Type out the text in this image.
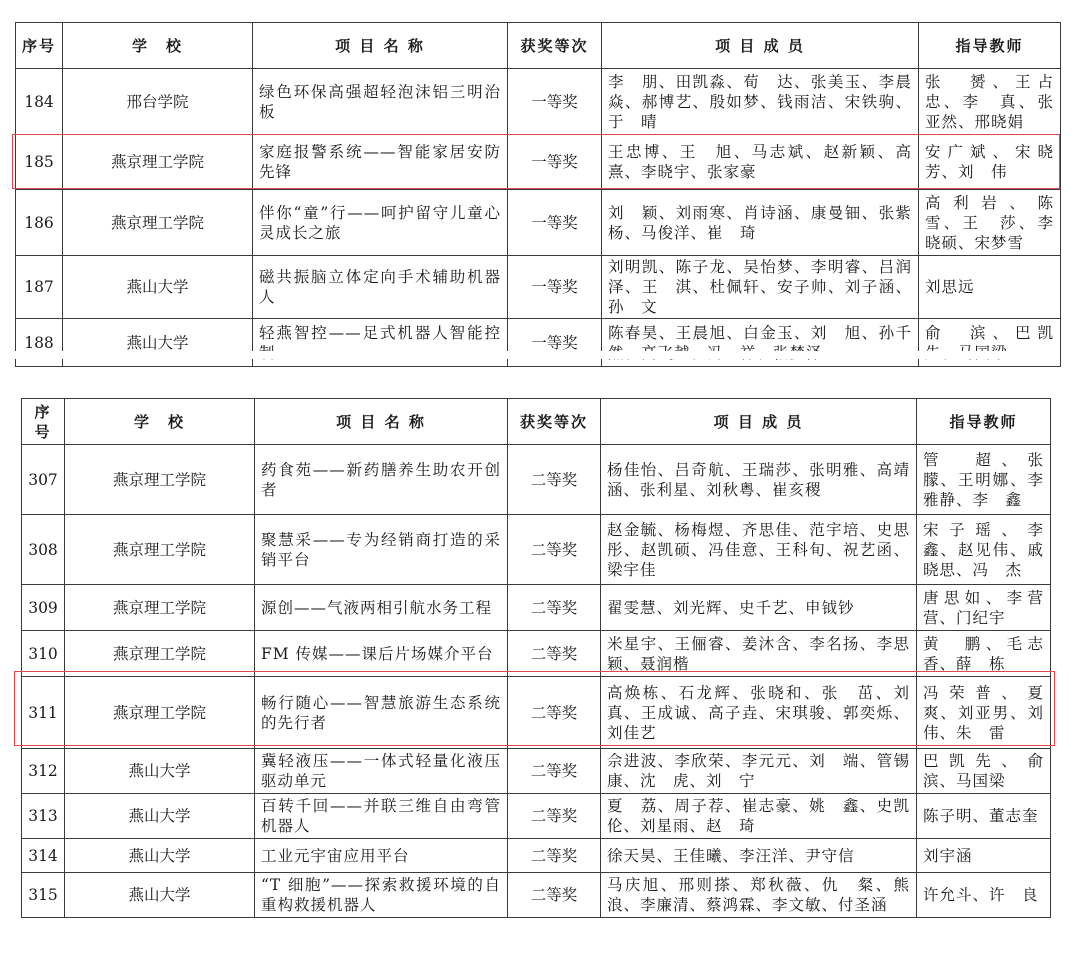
序号	学　校	项 目 名 称	获奖等次	项 目 成 员	指导教师
184	邢台学院	绿色环保高强超轻泡沫铝三明治板	一等奖	李　朋、田凯淼、荀　达、张美玉、李晨焱、郝博艺、殷如梦、钱雨洁、宋铁驹、于　晴	张　赟、王占忠、李　真、张亚然、邢晓娟
185	燕京理工学院	家庭报警系统——智能家居安防先锋	一等奖	王忠博、王　旭、马志斌、赵新颖、高　熹、李晓宇、张家豪	安广斌、宋晓芳、刘　伟
186	燕京理工学院	伴你“童”行——呵护留守儿童心灵成长之旅	一等奖	刘　颖、刘雨寒、肖诗涵、康曼钿、张紫杨、马俊洋、崔　琦	高利岩、陈　雪、王　莎、李晓硕、宋梦雪
187	燕山大学	磁共振脑立体定向手术辅助机器人	一等奖	刘明凯、陈子龙、吴怡梦、李明睿、吕润泽、王　淇、杜佩轩、安子帅、刘子涵、孙　文	刘思远
188	燕山大学	轻燕智控——足式机器人智能控	一等奖	陈春昊、王晨旭、白金玉、刘　旭、孙千　	俞　滨、巴凯
序号	学　校	项 目 名 称	获奖等次	项 目 成 员	指导教师
307	燕京理工学院	药食苑——新药膳养生助农开创者	二等奖	杨佳怡、吕奇航、王瑞莎、张明雅、高靖涵、张利星、刘秋粤、崔亥稷	管　超、张　朦、王明娜、李雅静、李　鑫
308	燕京理工学院	聚慧采——专为经销商打造的采销平台	二等奖	赵金毓、杨梅煜、齐思佳、范宇培、史思彤、赵凯硕、冯佳意、王科旬、祝艺函、梁宇佳	宋子瑶、李　鑫、赵见伟、戚晓思、冯　杰
309	燕京理工学院	源创——气液两相引航水务工程	二等奖	翟雯慧、刘光辉、史千艺、申钺钞	唐思如、李营营、门纪宇
310	燕京理工学院	FM 传媒——课后片场媒介平台	二等奖	米星宇、王俪睿、姜沐含、李名扬、李思颖、聂润楷	黄　鹏、毛志香、薛　栋
311	燕京理工学院	畅行随心——智慧旅游生态系统的先行者	二等奖	高焕栋、石龙辉、张晓和、张　茁、刘　真、王成诚、高子垚、宋琪骏、郭奕烁、刘佳艺	冯荣普、夏　爽、刘亚男、刘　伟、朱　雷
312	燕山大学	冀轻液压——一体式轻量化液压驱动单元	二等奖	佘进波、李欣荣、李元元、刘　端、管锡康、沈　虎、刘　宁	巴凯先、俞　滨、马国梁
313	燕山大学	百转千回——并联三维自由弯管机器人	二等奖	夏　荔、周子荐、崔志豪、姚　鑫、史凯伦、刘星雨、赵　琦	陈子明、董志奎
314	燕山大学	工业元宇宙应用平台	二等奖	徐天昊、王佳曦、李汪洋、尹守信	刘宇涵
315	燕山大学	“T 细胞”——探索救援环境的自重构救援机器人	二等奖	马庆旭、邢则搽、郑秋薇、仇　粲、熊　浪、李廉清、蔡鸿霖、李文敏、付圣涵	许允斗、许　良
